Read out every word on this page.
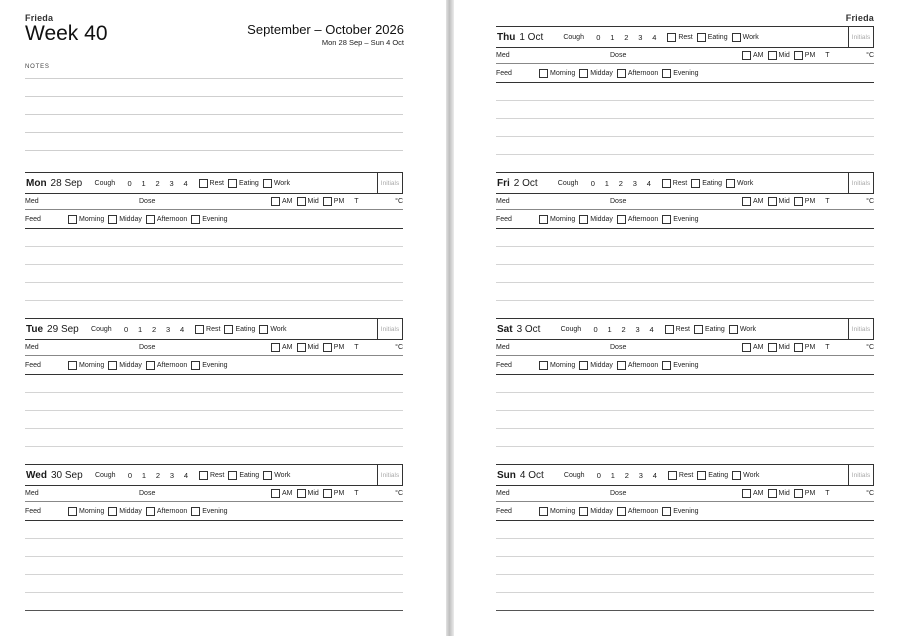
Frieda
Week 40	September – October 2026
Mon 28 Sep – Sun 4 Oct
NOTES
Mon 28 Sep	Cough	0	1	2	3	4	Rest Eating Work	Initials
Med	Dose	AM Mid PM T	°C
Feed	Morning Midday Afternoon Evening
Tue 29 Sep	Cough	0	1	2	3	4	Rest Eating Work	Initials
Med	Dose	AM Mid PM T	°C
Feed	Morning Midday Afternoon Evening
Wed 30 Sep	Cough	0	1	2	3	4	Rest Eating Work	Initials
Med	Dose	AM Mid PM T	°C
Feed	Morning Midday Afternoon Evening
Frieda
Thu 1 Oct	Cough	0	1	2	3	4	Rest Eating Work	Initials
Med	Dose	AM Mid PM T	°C
Feed	Morning Midday Afternoon Evening
Fri 2 Oct	Cough	0	1	2	3	4	Rest Eating Work	Initials
Med	Dose	AM Mid PM T	°C
Feed	Morning Midday Afternoon Evening
Sat 3 Oct	Cough	0	1	2	3	4	Rest Eating Work	Initials
Med	Dose	AM Mid PM T	°C
Feed	Morning Midday Afternoon Evening
Sun 4 Oct	Cough	0	1	2	3	4	Rest Eating Work	Initials
Med	Dose	AM Mid PM T	°C
Feed	Morning Midday Afternoon Evening
